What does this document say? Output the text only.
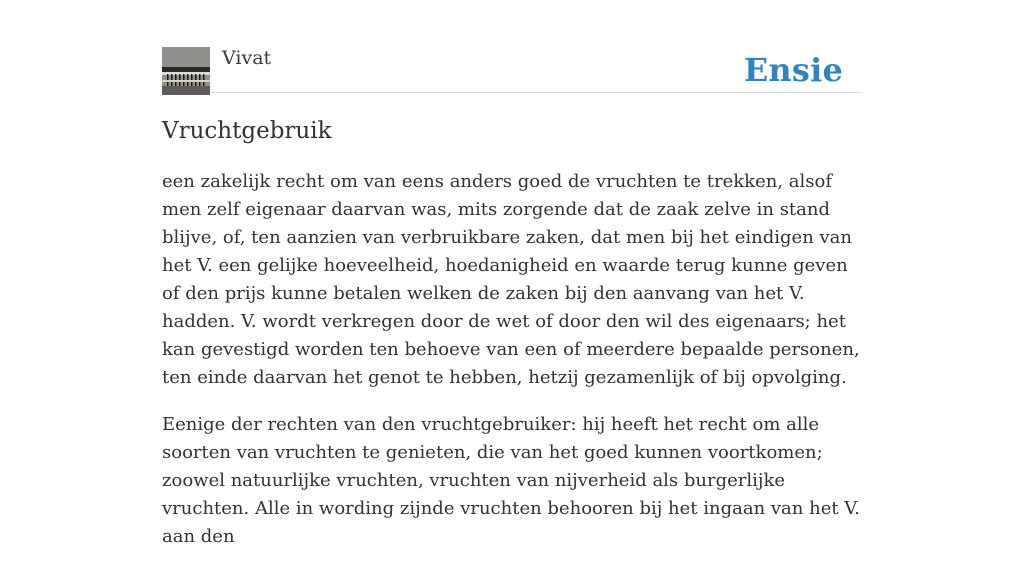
Vivat	Ensie
Vruchtgebruik

een zakelijk recht om van eens anders goed de vruchten te trekken, alsof men zelf eigenaar daarvan was, mits zorgende dat de zaak zelve in stand blijve, of, ten aanzien van verbruikbare zaken, dat men bij het eindigen van het V. een gelijke hoeveelheid, hoedanigheid en waarde terug kunne geven of den prijs kunne betalen welken de zaken bij den aanvang van het V. hadden. V. wordt verkregen door de wet of door den wil des eigenaars; het kan gevestigd worden ten behoeve van een of meerdere bepaalde personen, ten einde daarvan het genot te hebben, hetzij gezamenlijk of bij opvolging.

Eenige der rechten van den vruchtgebruiker: hij heeft het recht om alle soorten van vruchten te genieten, die van het goed kunnen voortkomen; zoowel natuurlijke vruchten, vruchten van nijverheid als burgerlijke vruchten. Alle in wording zijnde vruchten behooren bij het ingaan van het V. aan den
